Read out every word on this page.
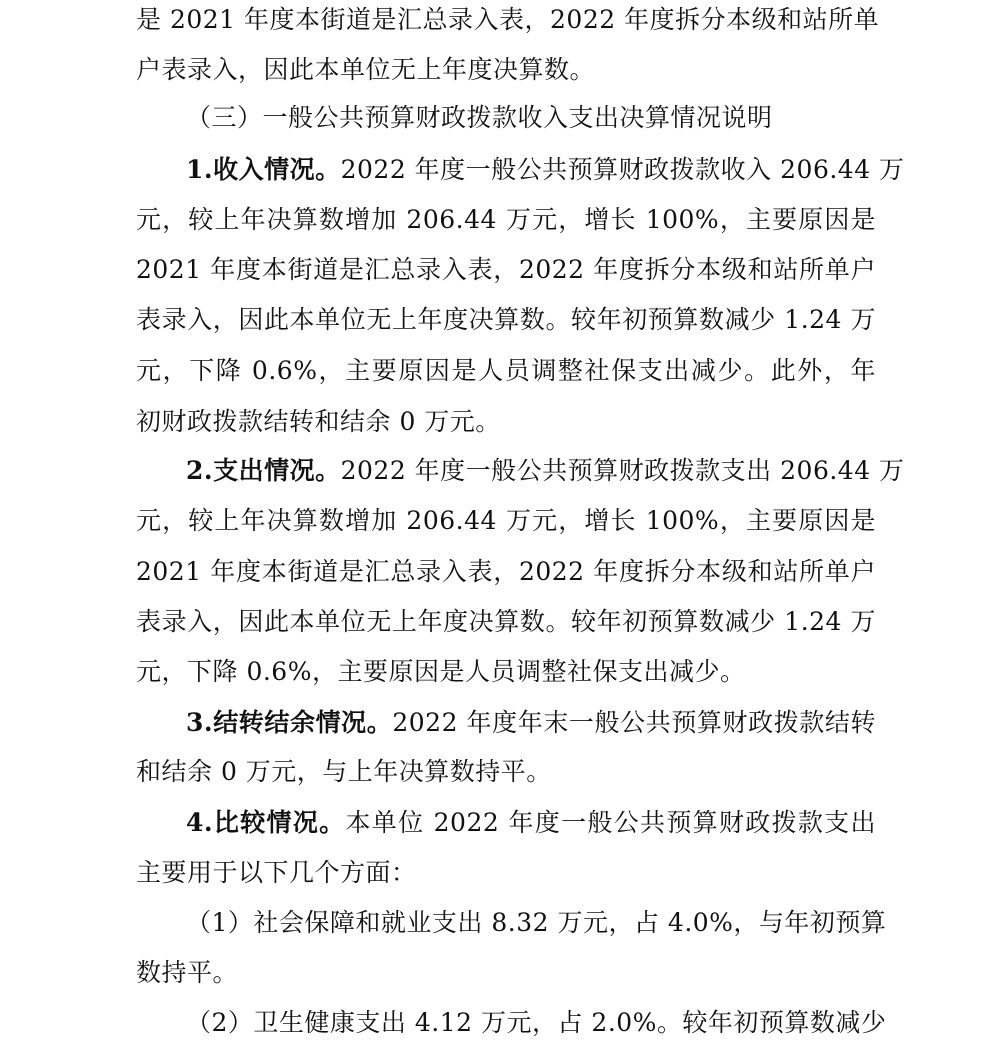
是 2021 年度本街道是汇总录入表，2022 年度拆分本级和站所单
户表录入，因此本单位无上年度决算数。
（三）一般公共预算财政拨款收入支出决算情况说明
1.收入情况。2022 年度一般公共预算财政拨款收入 206.44 万
元，较上年决算数增加 206.44 万元，增长 100%，主要原因是
2021 年度本街道是汇总录入表，2022 年度拆分本级和站所单户
表录入，因此本单位无上年度决算数。较年初预算数减少 1.24 万
元，下降 0.6%，主要原因是人员调整社保支出减少。此外，年
初财政拨款结转和结余 0 万元。
2.支出情况。2022 年度一般公共预算财政拨款支出 206.44 万
元，较上年决算数增加 206.44 万元，增长 100%，主要原因是
2021 年度本街道是汇总录入表，2022 年度拆分本级和站所单户
表录入，因此本单位无上年度决算数。较年初预算数减少 1.24 万
元，下降 0.6%，主要原因是人员调整社保支出减少。
3.结转结余情况。2022 年度年末一般公共预算财政拨款结转
和结余 0 万元，与上年决算数持平。
4.比较情况。本单位 2022 年度一般公共预算财政拨款支出
主要用于以下几个方面：
（1）社会保障和就业支出 8.32 万元，占 4.0%，与年初预算
数持平。
（2）卫生健康支出 4.12 万元，占 2.0%。较年初预算数减少
